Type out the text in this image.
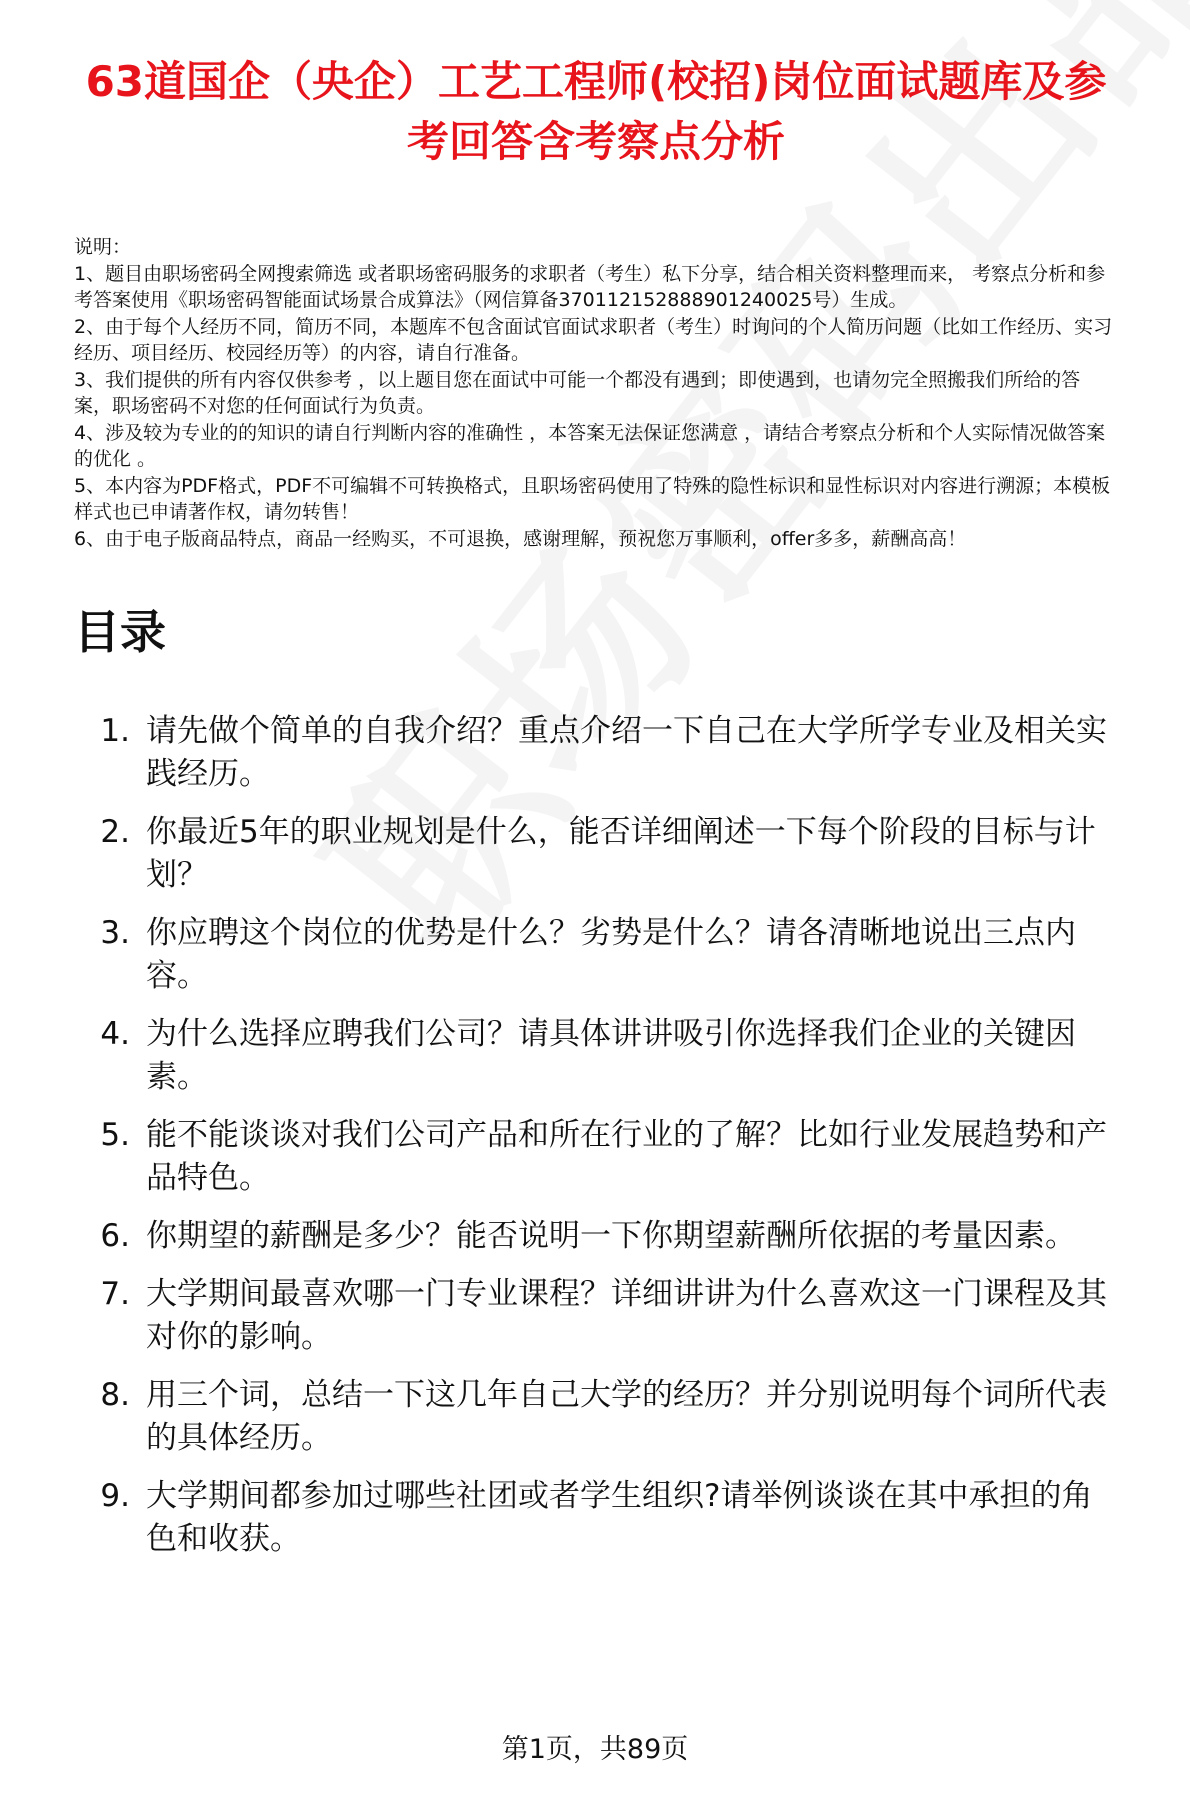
63道国企（央企）工艺工程师(校招)岗位面试题库及参考回答含考察点分析

说明：

1、题目由职场密码全网搜索筛选 或者职场密码服务的求职者（考生）私下分享，结合相关资料整理而来， 考察点分析和参考答案使用《职场密码智能面试场景合成算法》（网信算备370112152888901240025号）生成。

2、由于每个人经历不同，简历不同，本题库不包含面试官面试求职者（考生）时询问的个人简历问题（比如工作经历、实习经历、项目经历、校园经历等）的内容，请自行准备。

3、我们提供的所有内容仅供参考 ，以上题目您在面试中可能一个都没有遇到；即使遇到，也请勿完全照搬我们所给的答案，职场密码不对您的任何面试行为负责。

4、涉及较为专业的的知识的请自行判断内容的准确性 ，本答案无法保证您满意 ，请结合考察点分析和个人实际情况做答案的优化 。

5、本内容为PDF格式，PDF不可编辑不可转换格式，且职场密码使用了特殊的隐性标识和显性标识对内容进行溯源；本模板样式也已申请著作权，请勿转售！

6、由于电子版商品特点，商品一经购买，不可退换，感谢理解，预祝您万事顺利，offer多多，薪酬高高！

目录
1. 请先做个简单的自我介绍？重点介绍一下自己在大学所学专业及相关实践经历。
2. 你最近5年的职业规划是什么，能否详细阐述一下每个阶段的目标与计划？
3. 你应聘这个岗位的优势是什么？劣势是什么？请各清晰地说出三点内容。
4. 为什么选择应聘我们公司？请具体讲讲吸引你选择我们企业的关键因素。
5. 能不能谈谈对我们公司产品和所在行业的了解？比如行业发展趋势和产品特色。
6. 你期望的薪酬是多少？能否说明一下你期望薪酬所依据的考量因素。
7. 大学期间最喜欢哪一门专业课程？详细讲讲为什么喜欢这一门课程及其对你的影响。
8. 用三个词，总结一下这几年自己大学的经历？并分别说明每个词所代表的具体经历。
9. 大学期间都参加过哪些社团或者学生组织?请举例谈谈在其中承担的角色和收获。
第1页，共89页
